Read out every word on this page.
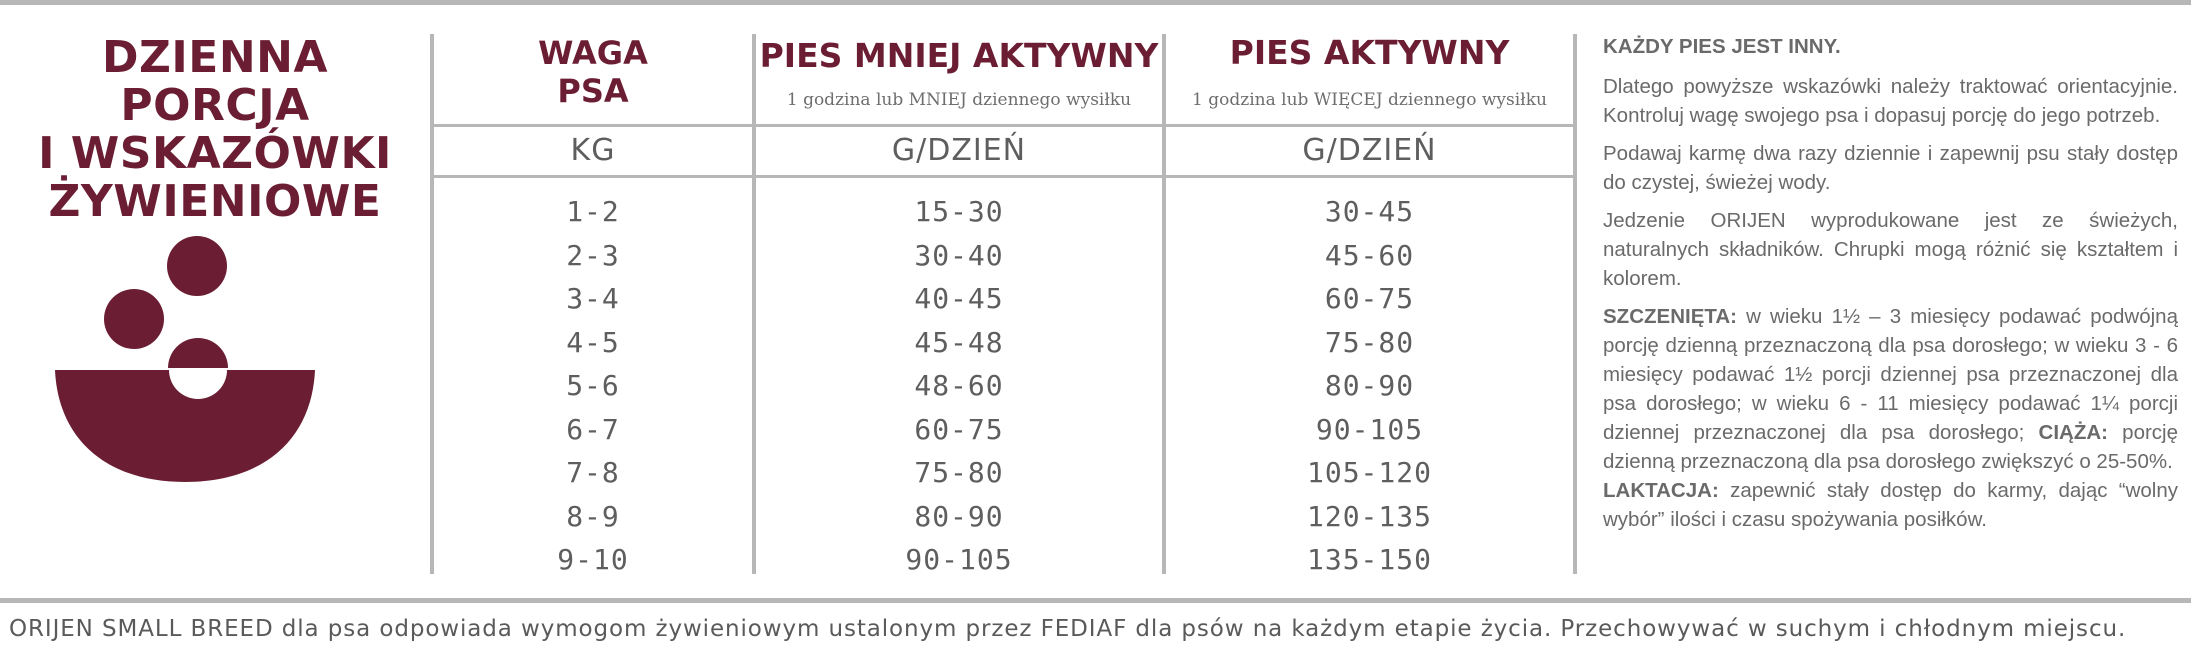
DZIENNA PORCJA
I WSKAZÓWKI
ŻYWIENIOWE
WAGA
PSA
PIES MNIEJ AKTYWNY
1 godzina lub MNIEJ dziennego wysiłku
PIES AKTYWNY
1 godzina lub WIĘCEJ dziennego wysiłku
KG	G/DZIEŃ	G/DZIEŃ
1-2
2-3
3-4
4-5
5-6
6-7
7-8
8-9
9-10
15-30
30-40
40-45
45-48
48-60
60-75
75-80
80-90
90-105
30-45
45-60
60-75
75-80
80-90
90-105
105-120
120-135
135-150
KAŻDY PIES JEST INNY.

Dlatego powyższe wskazówki należy traktować orientacyjnie. Kontroluj wagę swojego psa i dopasuj porcję do jego potrzeb.

Podawaj karmę dwa razy dziennie i zapewnij psu stały dostęp do czystej, świeżej wody.

Jedzenie ORIJEN wyprodukowane jest ze świeżych, naturalnych składników. Chrupki mogą różnić się kształtem i kolorem.

SZCZENIĘTA: w wieku 1½ – 3 miesięcy podawać podwójną porcję dzienną przeznaczoną dla psa dorosłego; w wieku 3 - 6 miesięcy podawać 1½ porcji dziennej psa przeznaczonej dla psa dorosłego; w wieku 6 - 11 miesięcy podawać 1¼ porcji dziennej przeznaczonej dla psa dorosłego; CIĄŻA: porcję dzienną przeznaczoną dla psa dorosłego zwiększyć o 25-50%.
LAKTACJA: zapewnić stały dostęp do karmy, dając “wolny wybór” ilości i czasu spożywania posiłków.

ORIJEN SMALL BREED dla psa odpowiada wymogom żywieniowym ustalonym przez FEDIAF dla psów na każdym etapie życia. Przechowywać w suchym i chłodnym miejscu.
